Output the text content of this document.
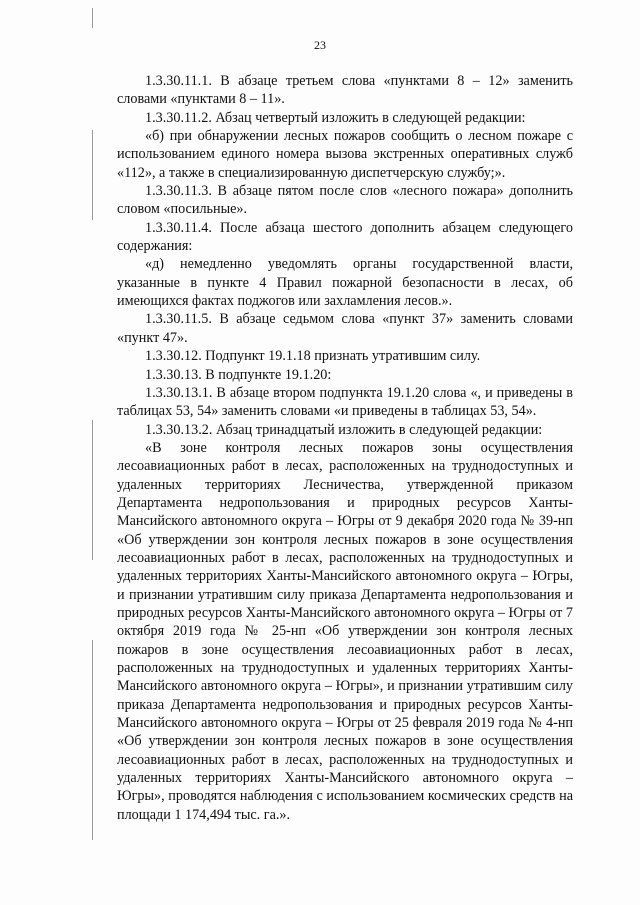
23

1.3.30.11.1. В абзаце третьем слова «пунктами 8 – 12» заменить словами «пунктами 8 – 11».

1.3.30.11.2. Абзац четвертый изложить в следующей редакции:

«б) при обнаружении лесных пожаров сообщить о лесном пожаре с использованием единого номера вызова экстренных оперативных служб «112», а также в специализированную диспетчерскую службу;».

1.3.30.11.3. В абзаце пятом после слов «лесного пожара» дополнить словом «посильные».

1.3.30.11.4. После абзаца шестого дополнить абзацем следующего содержания:

«д) немедленно уведомлять органы государственной власти, указанные в пункте 4 Правил пожарной безопасности в лесах, об имеющихся фактах поджогов или захламления лесов.».

1.3.30.11.5. В абзаце седьмом слова «пункт 37» заменить словами «пункт 47».

1.3.30.12. Подпункт 19.1.18 признать утратившим силу.

1.3.30.13. В подпункте 19.1.20:

1.3.30.13.1. В абзаце втором подпункта 19.1.20 слова «, и приведены в таблицах 53, 54» заменить словами «и приведены в таблицах 53, 54».

1.3.30.13.2. Абзац тринадцатый изложить в следующей редакции:

«В зоне контроля лесных пожаров зоны осуществления лесоавиационных работ в лесах, расположенных на труднодоступных и удаленных территориях Лесничества, утвержденной приказом Департамента недропользования и природных ресурсов Ханты-Мансийского автономного округа – Югры от 9 декабря 2020 года № 39-нп «Об утверждении зон контроля лесных пожаров в зоне осуществления лесоавиационных работ в лесах, расположенных на труднодоступных и удаленных территориях Ханты-Мансийского автономного округа – Югры, и признании утратившим силу приказа Департамента недропользования и природных ресурсов Ханты-Мансийского автономного округа – Югры от 7 октября 2019 года № 25-нп «Об утверждении зон контроля лесных пожаров в зоне осуществления лесоавиационных работ в лесах, расположенных на труднодоступных и удаленных территориях Ханты-Мансийского автономного округа – Югры», и признании утратившим силу приказа Департамента недропользования и природных ресурсов Ханты-Мансийского автономного округа – Югры от 25 февраля 2019 года № 4-нп «Об утверждении зон контроля лесных пожаров в зоне осуществления лесоавиационных работ в лесах, расположенных на труднодоступных и удаленных территориях Ханты-Мансийского автономного округа – Югры», проводятся наблюдения с использованием космических средств на площади 1 174,494 тыс. га.».
